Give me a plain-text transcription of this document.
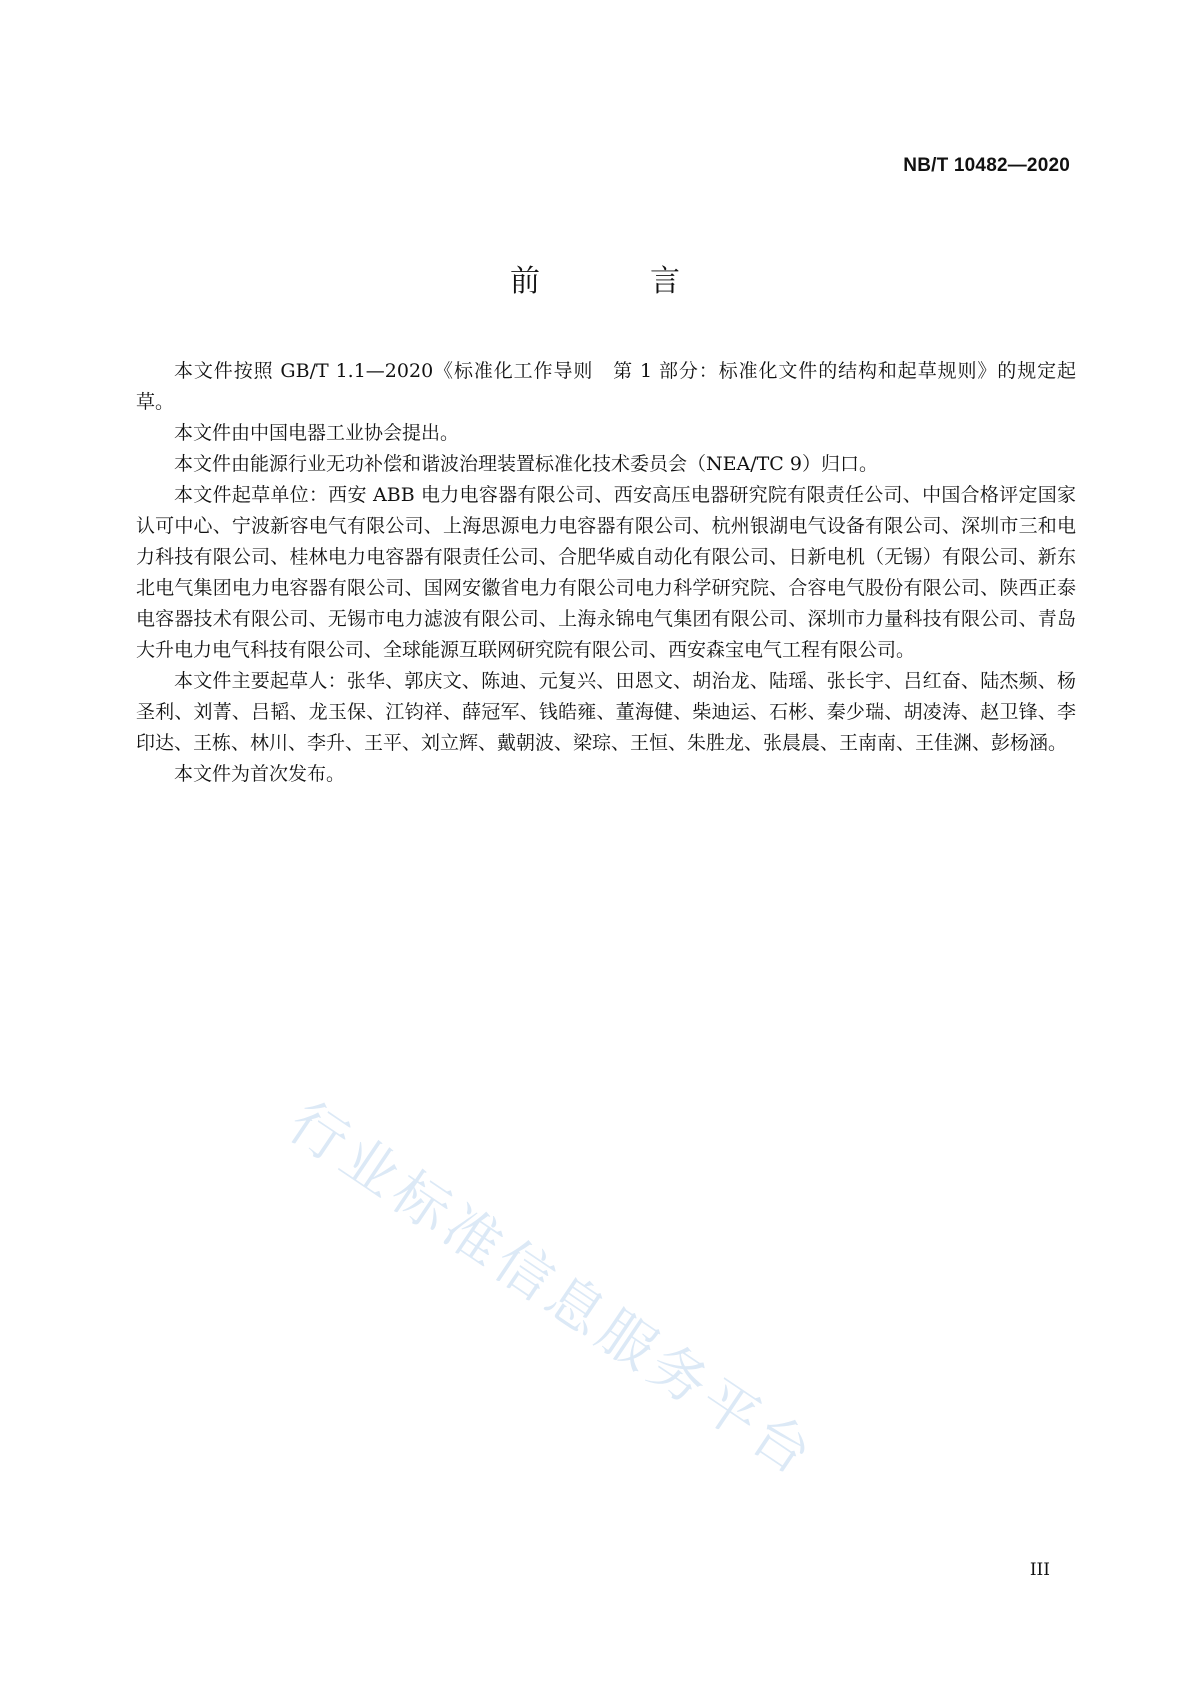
NB/T 10482—2020
前　言

本文件按照 GB/T 1.1—2020《标准化工作导则　第 1 部分：标准化文件的结构和起草规则》的规定起草。

本文件由中国电器工业协会提出。

本文件由能源行业无功补偿和谐波治理装置标准化技术委员会（NEA/TC 9）归口。

本文件起草单位：西安 ABB 电力电容器有限公司、西安高压电器研究院有限责任公司、中国合格评定国家认可中心、宁波新容电气有限公司、上海思源电力电容器有限公司、杭州银湖电气设备有限公司、深圳市三和电力科技有限公司、桂林电力电容器有限责任公司、合肥华威自动化有限公司、日新电机（无锡）有限公司、新东北电气集团电力电容器有限公司、国网安徽省电力有限公司电力科学研究院、合容电气股份有限公司、陕西正泰电容器技术有限公司、无锡市电力滤波有限公司、上海永锦电气集团有限公司、深圳市力量科技有限公司、青岛大升电力电气科技有限公司、全球能源互联网研究院有限公司、西安森宝电气工程有限公司。

本文件主要起草人：张华、郭庆文、陈迪、元复兴、田恩文、胡治龙、陆瑶、张长宇、吕红奋、陆杰频、杨圣利、刘菁、吕韬、龙玉保、江钧祥、薛冠军、钱皓雍、董海健、柴迪运、石彬、秦少瑞、胡凌涛、赵卫锋、李印达、王栋、林川、李升、王平、刘立辉、戴朝波、梁琮、王恒、朱胜龙、张晨晨、王南南、王佳渊、彭杨涵。

本文件为首次发布。

行业标准信息服务平台
III
